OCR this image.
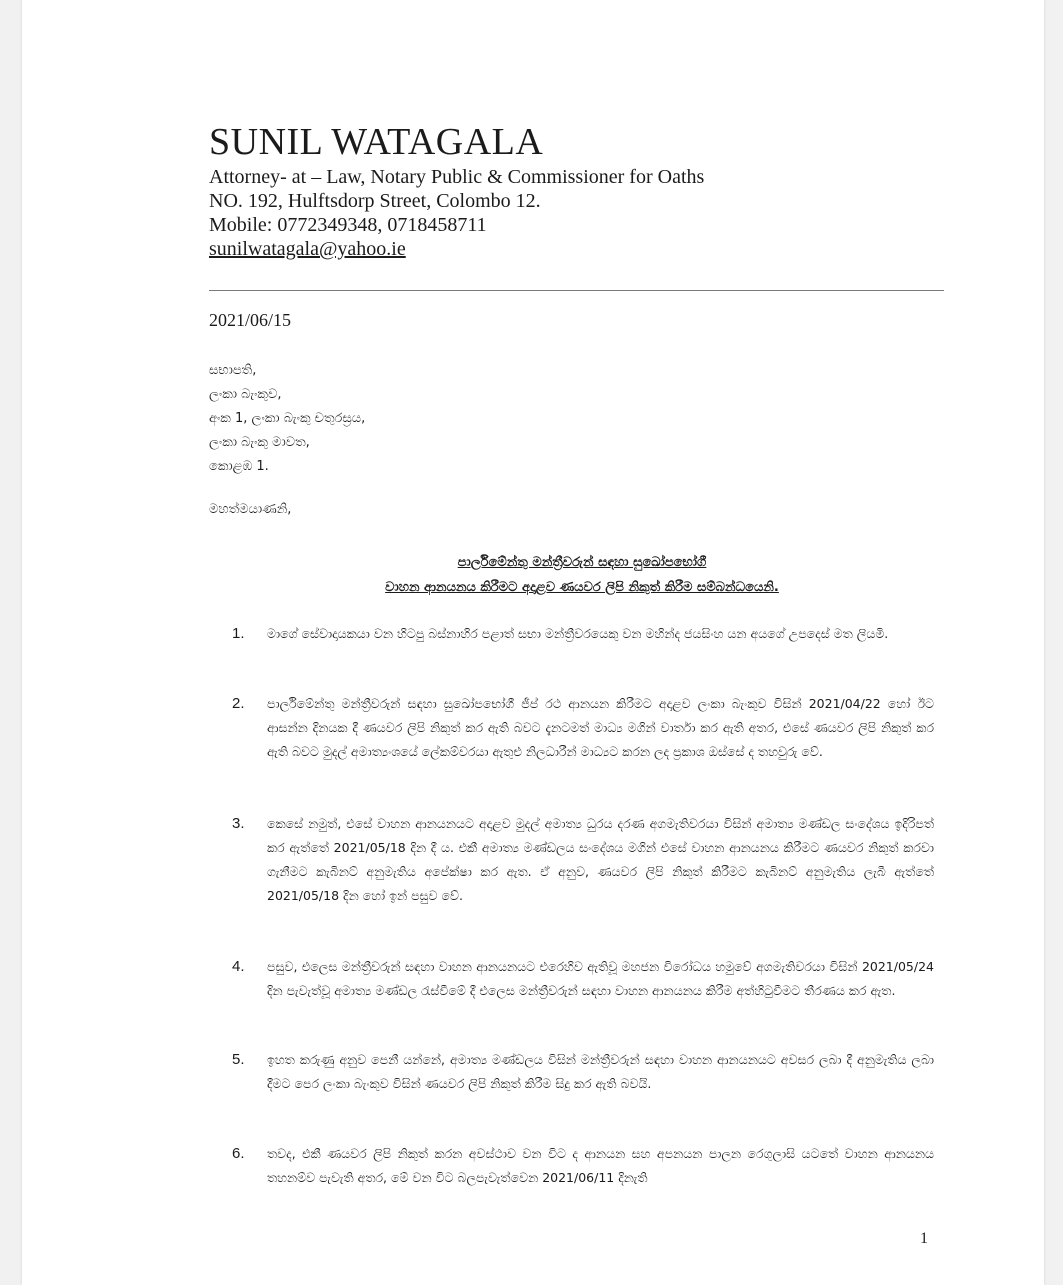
SUNIL WATAGALA
Attorney- at – Law, Notary Public & Commissioner for Oaths
NO. 192, Hulftsdorp Street, Colombo 12.
Mobile: 0772349348, 0718458711
sunilwatagala@yahoo.ie
2021/06/15
සභාපති,
ලංකා බැංකුව,
අංක 1, ලංකා බැංකු චතුරස්‍රය,
ලංකා බැංකු මාවත,
කොළඹ 1.
මහත්මයාණනි,
පාර්ලිමේන්තු මන්ත්‍රීවරුන් සඳහා සුඛෝපභෝගී
වාහන ආනයනය කිරීමට අදාළව ණයවර ලිපි නිකුත් කිරීම සම්බන්ධයෙනි.
1. මාගේ සේවාදායකයා වන හිටපු බස්නාහිර පළාත් සභා මන්ත්‍රීවරයෙකු වන මහින්ද ජයසිංහ යන අයගේ උපදෙස් මත ලියමි.
2. පාර්ලිමේන්තු මන්ත්‍රීවරුන් සඳහා සුඛෝපභෝගී ජීප් රථ ආනයන කිරීමට අදාළව ලංකා බැංකුව විසින් 2021/04/22 හෝ ඊට ආසන්න දිනයක දී ණයවර ලිපි නිකුත් කර ඇති බවට දැනටමත් මාධ්‍ය මගින් වාර්තා කර ඇති අතර, එසේ ණයවර ලිපි නිකුත් කර ඇති බවට මුදල් අමාත්‍යංශයේ ලේකම්වරයා ඇතුළු නිලධාරීන් මාධ්‍යට කරන ලද ප්‍රකාශ ඔස්සේ ද තහවුරු වේ.
3. කෙසේ නමුත්, එසේ වාහන ආනයනයට අදාළව මුදල් අමාත්‍ය ධුරය දරණ අගමැතිවරයා විසින් අමාත්‍ය මණ්ඩල සංදේශය ඉදිරිපත් කර ඇත්තේ 2021/05/18 දින දී ය. එකී අමාත්‍ය මණ්ඩලය සංදේශය මගින් එසේ වාහන ආනයනය කිරීමට ණයවර නිකුත් කරවා ගැනීමට කැබිනට් අනුමැතිය අපේක්ෂා කර ඇත. ඒ අනුව, ණයවර ලිපි නිකුත් කිරීමට කැබිනට් අනුමැතිය ලැබී ඇත්තේ 2021/05/18 දින හෝ ඉන් පසුව වේ.
4. පසුව, එලෙස මන්ත්‍රීවරුන් සඳහා වාහන ආනයනයට එරෙහිව ඇතිවූ මහජන විරෝධය හමුවේ අගමැතිවරයා විසින් 2021/05/24 දින පැවැත්වූ අමාත්‍ය මණ්ඩල රැස්වීමේ දී එලෙස මන්ත්‍රීවරුන් සඳහා වාහන ආනයනය කිරීම අත්හිටුවීමට තීරණය කර ඇත.
5. ඉහත කරුණු අනුව පෙනී යන්නේ, අමාත්‍ය මණ්ඩලය විසින් මන්ත්‍රීවරුන් සඳහා වාහන ආනයනයට අවසර ලබා දී අනුමැතිය ලබා දීමට පෙර ලංකා බැංකුව විසින් ණයවර ලිපි නිකුත් කිරීම සිදු කර ඇති බවයි.
6. තවද, එකී ණයවර ලිපි නිකුත් කරන අවස්ථාව වන විට ද ආනයන සහ අපනයන පාලන රෙගුලාසි යටතේ වාහන ආනයනය තහනම්ව පැවැති අතර, මේ වන විට බලපැවැත්වෙන 2021/06/11 දිනැති
1
